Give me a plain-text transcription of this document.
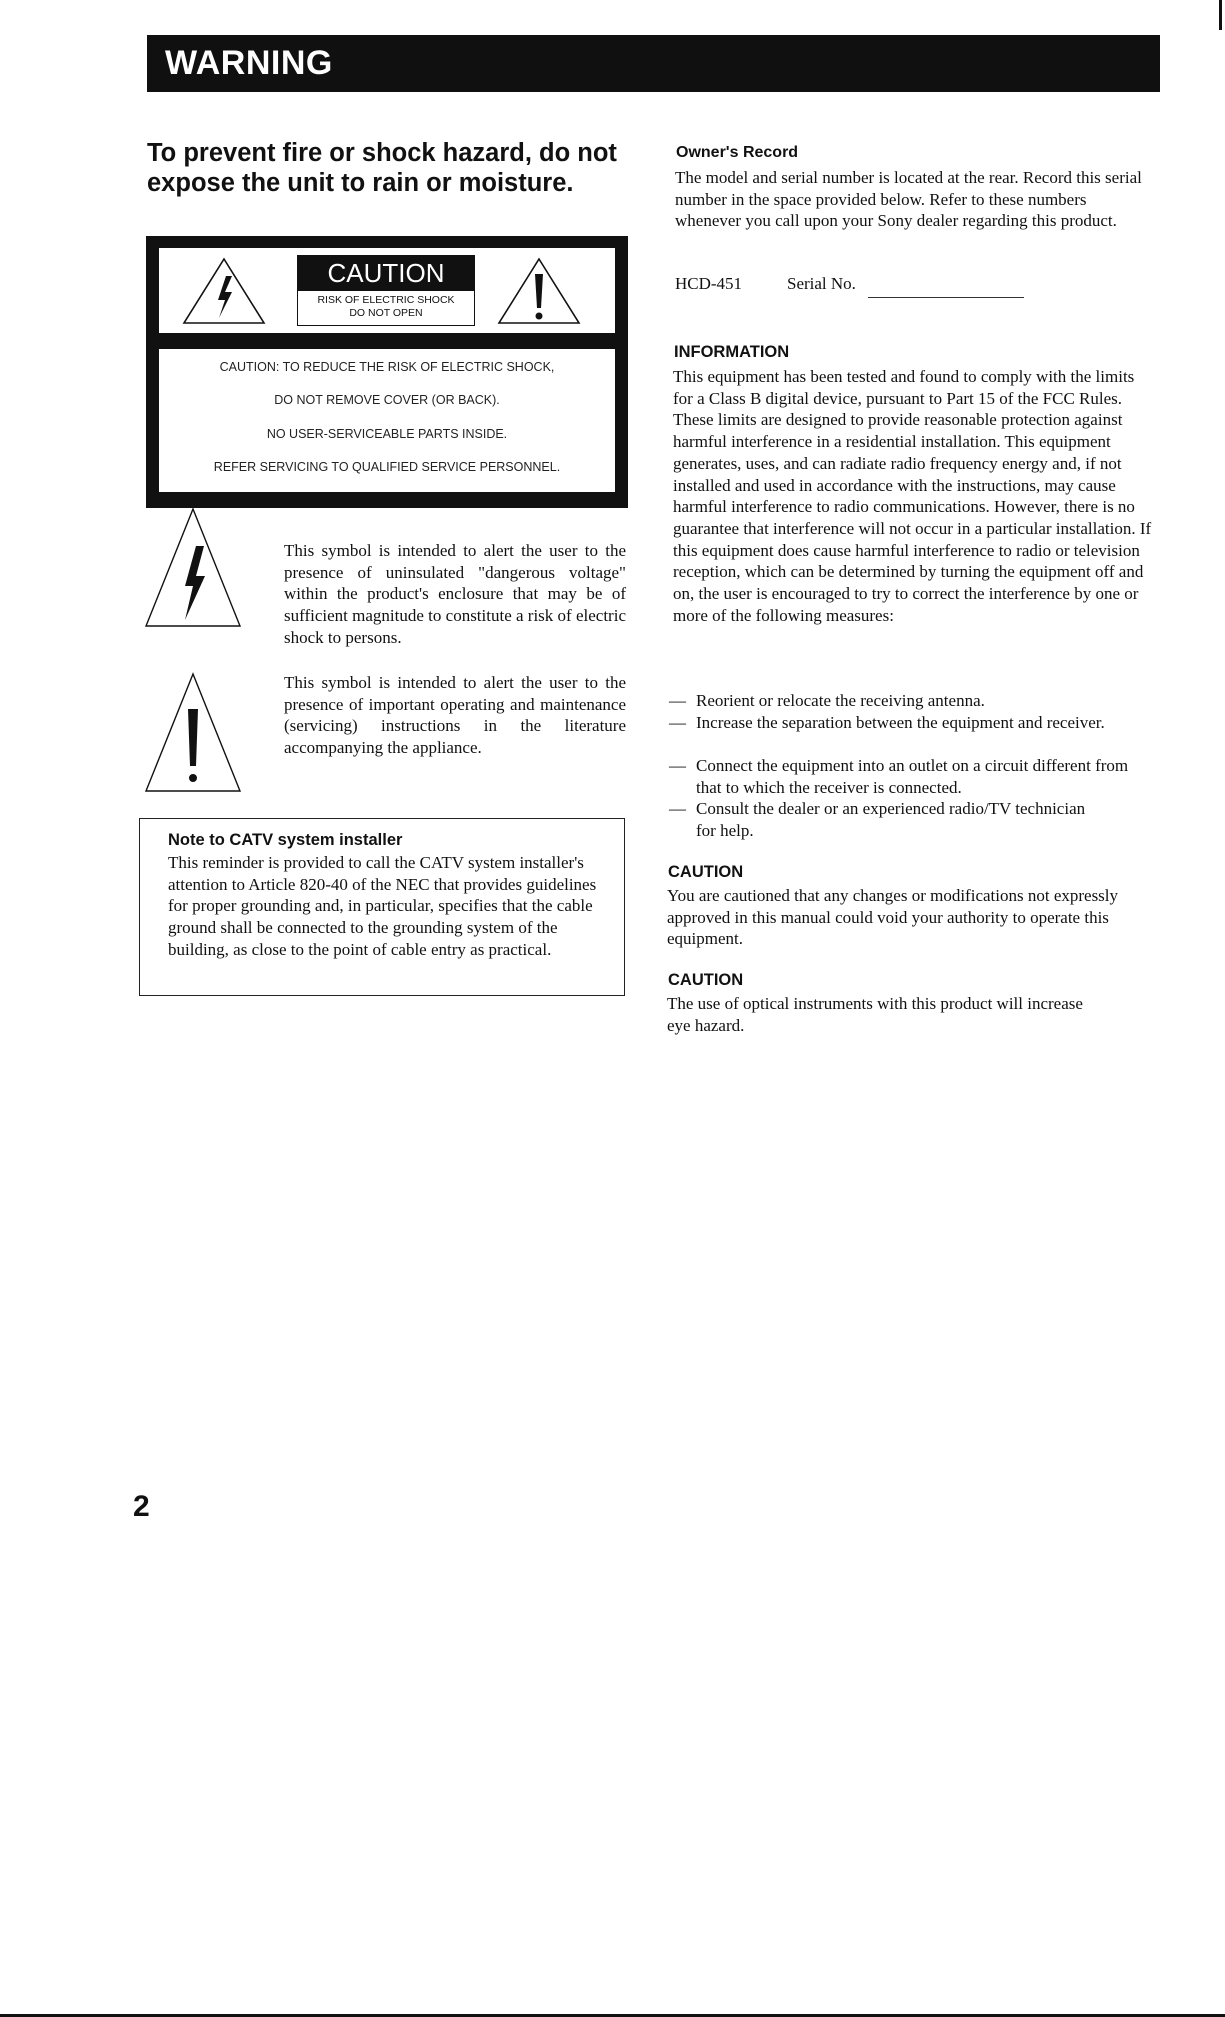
WARNING
To prevent fire or shock hazard, do not expose the unit to rain or moisture.
CAUTION
RISK OF ELECTRIC SHOCK
DO NOT OPEN
CAUTION: TO REDUCE THE RISK OF ELECTRIC SHOCK,
DO NOT REMOVE COVER (OR BACK).
NO USER-SERVICEABLE PARTS INSIDE.
REFER SERVICING TO QUALIFIED SERVICE PERSONNEL.
This symbol is intended to alert the user to the presence of uninsulated "dangerous voltage" within the product's enclosure that may be of sufficient magnitude to constitute a risk of electric shock to persons.
This symbol is intended to alert the user to the presence of important operating and maintenance (servicing) instructions in the literature accompanying the appliance.
Note to CATV system installer
This reminder is provided to call the CATV system installer's attention to Article 820-40 of the NEC that provides guidelines for proper grounding and, in particular, specifies that the cable ground shall be connected to the grounding system of the building, as close to the point of cable entry as practical.
Owner's Record
The model and serial number is located at the rear. Record this serial number in the space provided below. Refer to these numbers whenever you call upon your Sony dealer regarding this product.
HCD-451	Serial No.
INFORMATION
This equipment has been tested and found to comply with the limits for a Class B digital device, pursuant to Part 15 of the FCC Rules. These limits are designed to provide reasonable protection against harmful interference in a residential installation. This equipment generates, uses, and can radiate radio frequency energy and, if not installed and used in accordance with the instructions, may cause harmful interference to radio communications. However, there is no guarantee that interference will not occur in a particular installation. If this equipment does cause harmful interference to radio or television reception, which can be determined by turning the equipment off and on, the user is encouraged to try to correct the interference by one or more of the following measures:
— Reorient or relocate the receiving antenna.
— Increase the separation between the equipment and receiver.
— Connect the equipment into an outlet on a circuit different from that to which the receiver is connected.
— Consult the dealer or an experienced radio/TV technician for help.
CAUTION
You are cautioned that any changes or modifications not expressly approved in this manual could void your authority to operate this equipment.
CAUTION
The use of optical instruments with this product will increase eye hazard.
2
